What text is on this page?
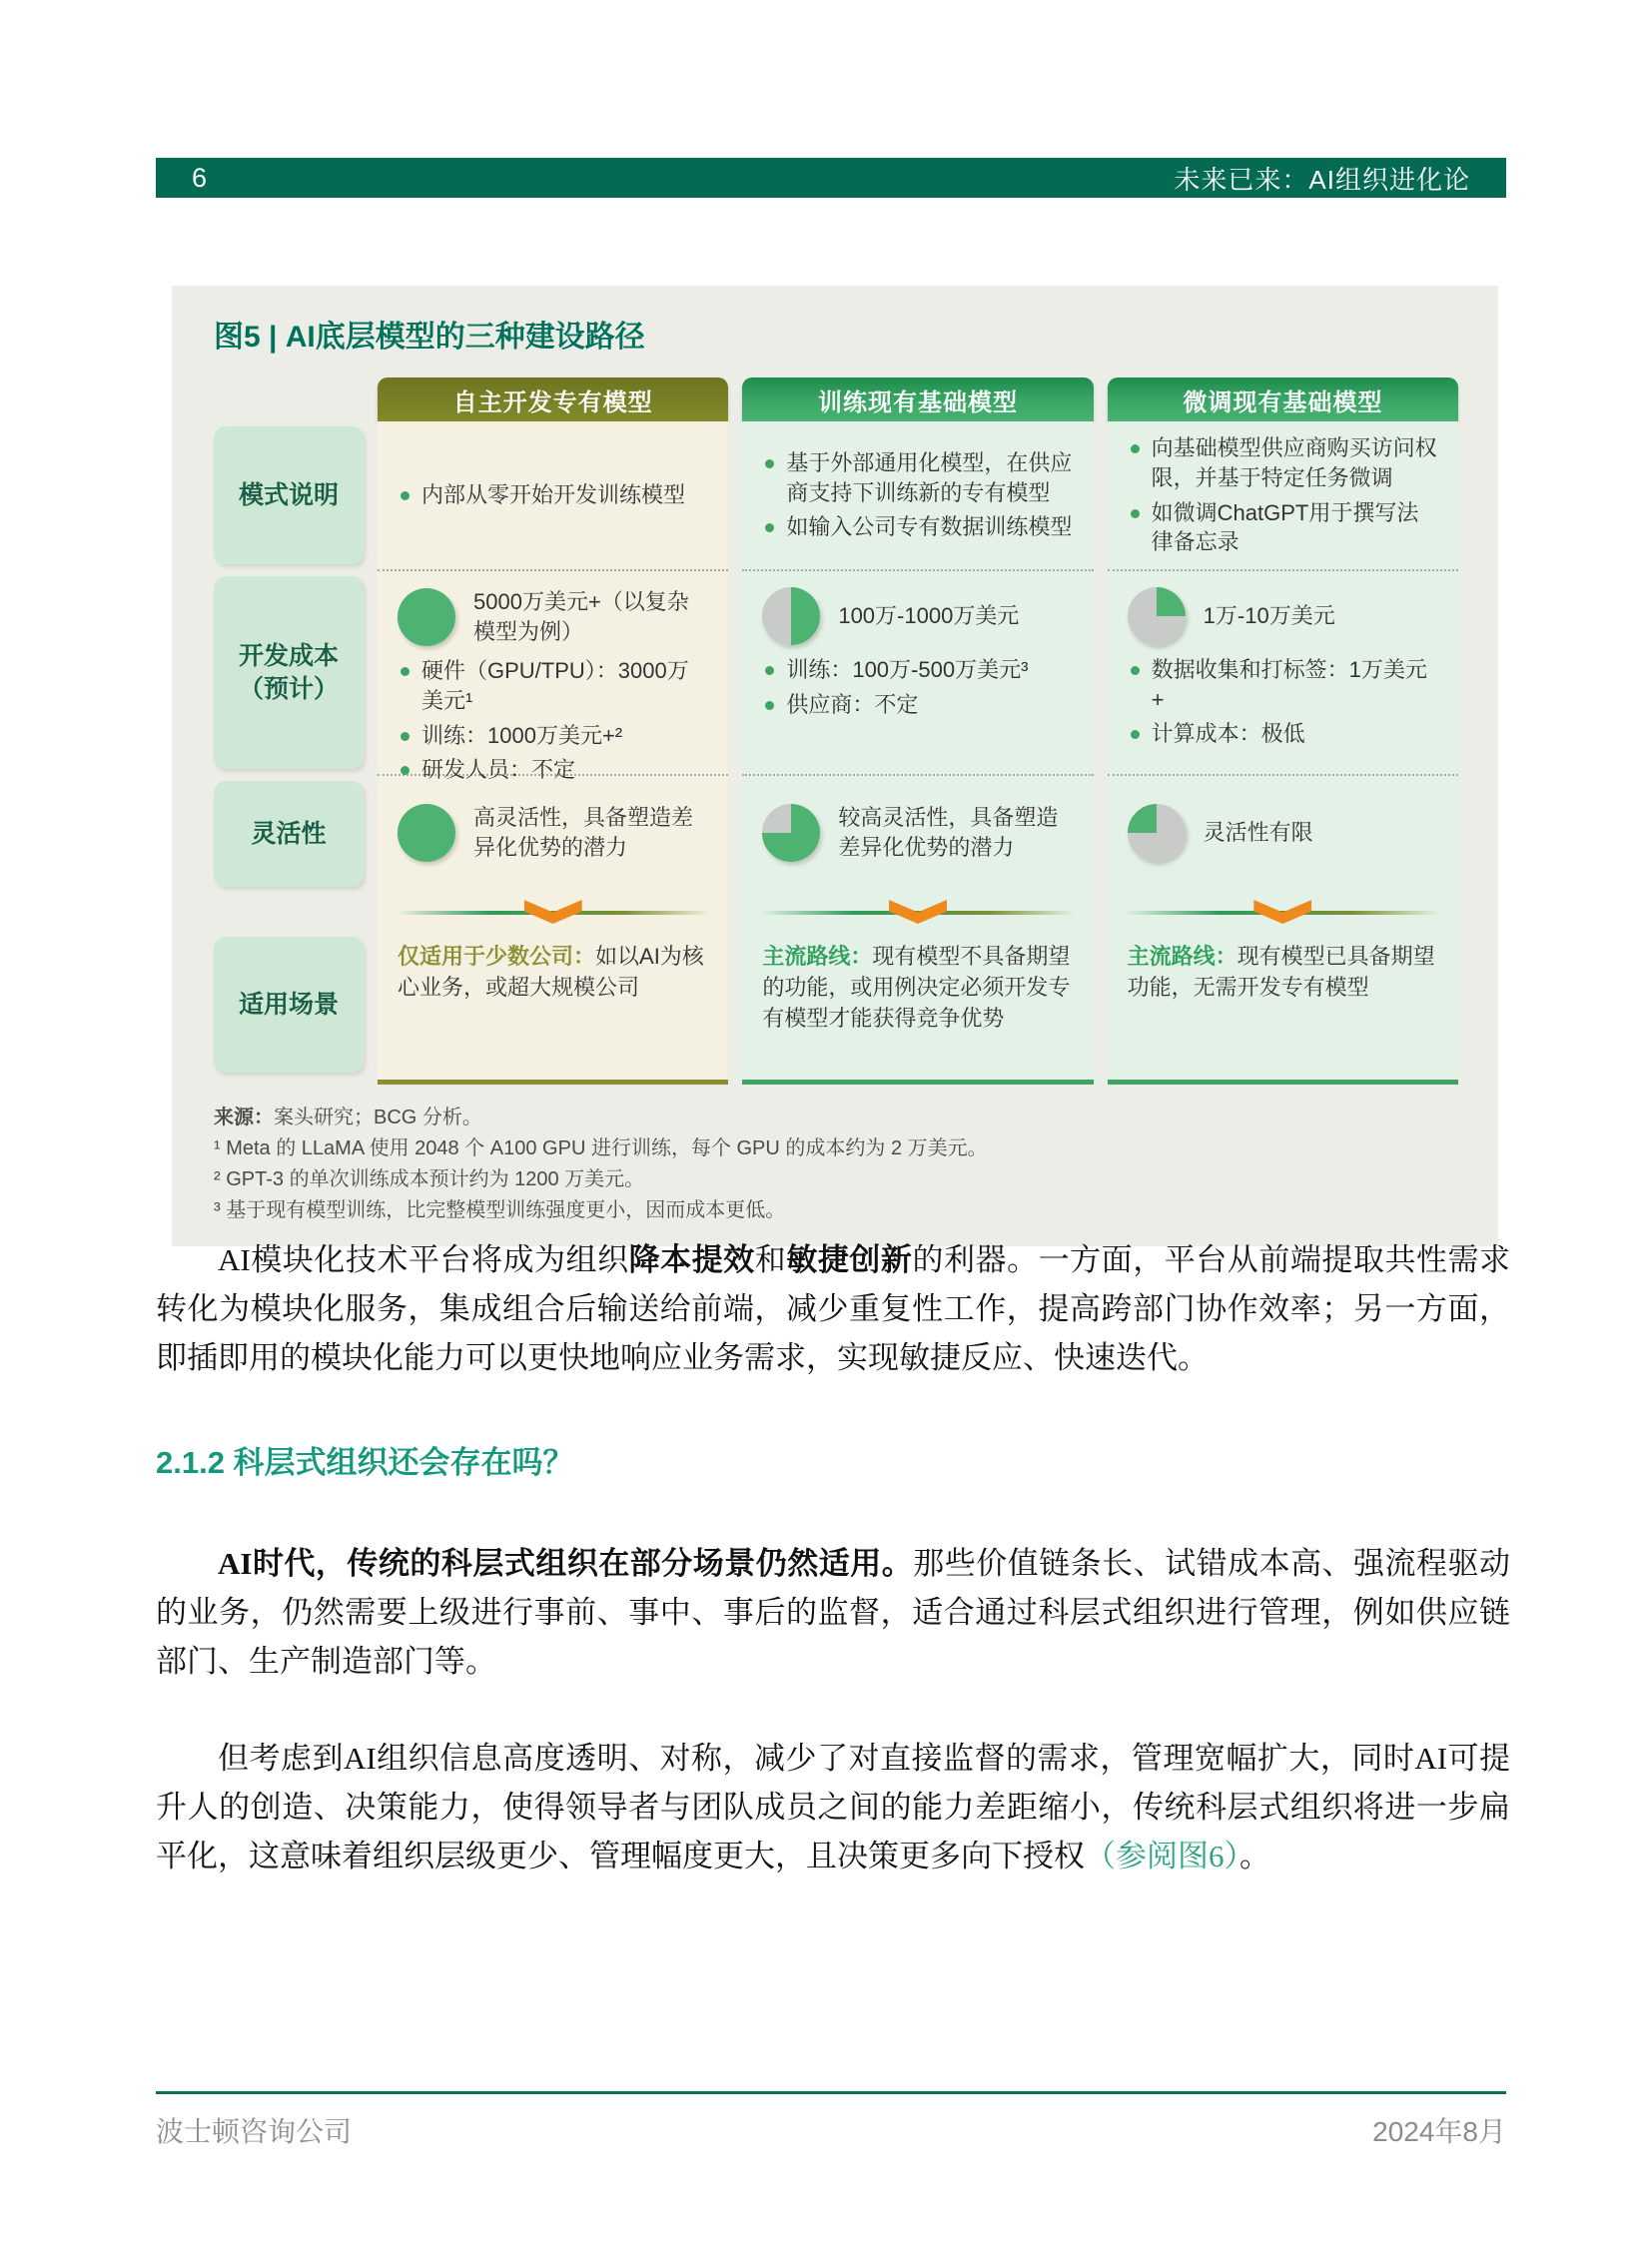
6	未来已来：AI组织进化论
图5 | AI底层模型的三种建设路径
模式说明
开发成本（预计）
灵活性
适用场景
自主开发专有模型
内部从零开始开发训练模型
5000万美元+（以复杂模型为例）
硬件（GPU/TPU）：3000万美元¹
训练：1000万美元+²
研发人员：不定
高灵活性，具备塑造差异化优势的潜力
仅适用于少数公司：如以AI为核心业务，或超大规模公司
训练现有基础模型
基于外部通用化模型，在供应商支持下训练新的专有模型
如输入公司专有数据训练模型
100万-1000万美元
训练：100万-500万美元³
供应商：不定
较高灵活性，具备塑造差异化优势的潜力
主流路线：现有模型不具备期望的功能，或用例决定必须开发专有模型才能获得竞争优势
微调现有基础模型
向基础模型供应商购买访问权限，并基于特定任务微调
如微调ChatGPT用于撰写法律备忘录
1万-10万美元
数据收集和打标签：1万美元+
计算成本：极低
灵活性有限
主流路线：现有模型已具备期望功能，无需开发专有模型
来源：案头研究；BCG 分析。
¹ Meta 的 LLaMA 使用 2048 个 A100 GPU 进行训练，每个 GPU 的成本约为 2 万美元。
² GPT-3 的单次训练成本预计约为 1200 万美元。
³ 基于现有模型训练，比完整模型训练强度更小，因而成本更低。

AI模块化技术平台将成为组织降本提效和敏捷创新的利器。一方面，平台从前端提取共性需求转化为模块化服务，集成组合后输送给前端，减少重复性工作，提高跨部门协作效率；另一方面，即插即用的模块化能力可以更快地响应业务需求，实现敏捷反应、快速迭代。

2.1.2 科层式组织还会存在吗？

AI时代，传统的科层式组织在部分场景仍然适用。那些价值链条长、试错成本高、强流程驱动的业务，仍然需要上级进行事前、事中、事后的监督，适合通过科层式组织进行管理，例如供应链部门、生产制造部门等。

但考虑到AI组织信息高度透明、对称，减少了对直接监督的需求，管理宽幅扩大，同时AI可提升人的创造、决策能力，使得领导者与团队成员之间的能力差距缩小，传统科层式组织将进一步扁平化，这意味着组织层级更少、管理幅度更大，且决策更多向下授权（参阅图6）。

波士顿咨询公司	2024年8月
